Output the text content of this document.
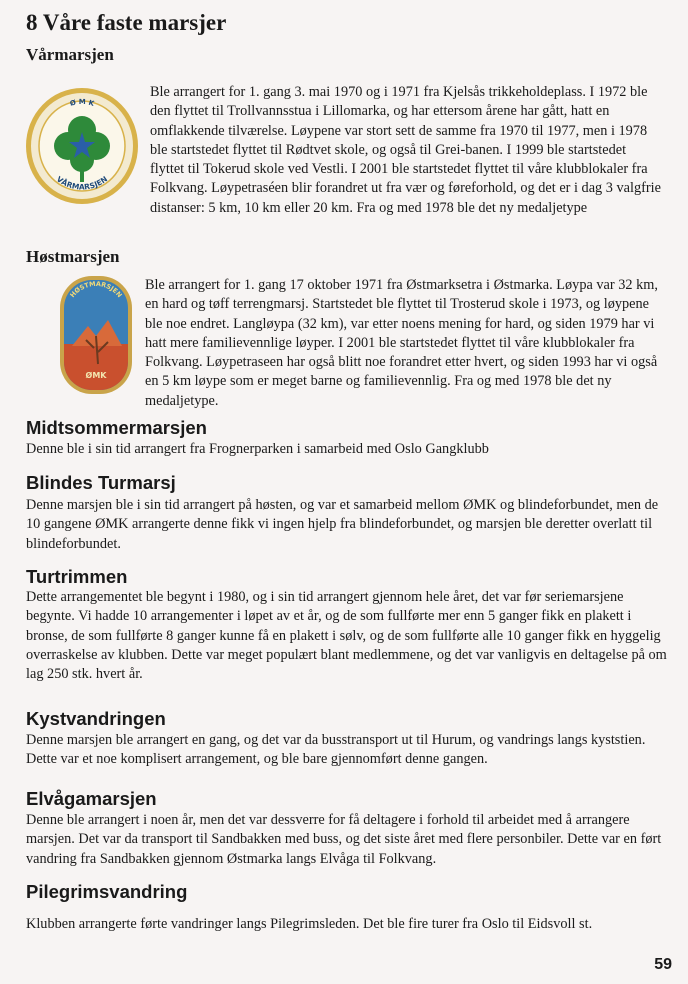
8 Våre faste marsjer
Vårmarsjen
Ø M K
VÅRMARSJEN

Ble arrangert for 1. gang 3. mai 1970 og i 1971 fra Kjelsås trikkeholdeplass. I 1972 ble den flyttet til Trollvannsstua i Lillomarka, og har ettersom årene har gått, hatt en omflakkende tilværelse. Løypene var stort sett de samme fra 1970 til 1977, men i 1978 ble startstedet flyttet til Rødtvet skole, og også til Grei-banen. I 1999 ble startstedet flyttet til Tokerud skole ved Vestli. I 2001 ble startstedet flyttet til våre klubblokaler fra Folkvang. Løypetraséen blir forandret ut fra vær og føreforhold, og det er i dag 3 valgfrie distanser: 5 km, 10 km eller 20 km. Fra og med 1978 ble det ny medaljetype

Høstmarsjen
HØSTMARSJEN
ØMK

Ble arrangert for 1. gang 17 oktober 1971 fra Østmarksetra i Østmarka. Løypa var 32 km, en hard og tøff terrengmarsj. Startstedet ble flyttet til Trosterud skole i 1973, og løypene ble noe endret. Langløypa (32 km), var etter noens mening for hard, og siden 1979 har vi hatt mere familievennlige løyper. I 2001 ble startstedet flyttet til våre klubblokaler fra Folkvang. Løypetraseen har også blitt noe forandret etter hvert, og siden 1993 har vi også en 5 km løype som er meget barne og familievennlig. Fra og med 1978 ble det ny medaljetype.

Midtsommermarsjen

Denne ble i sin tid arrangert fra Frognerparken i samarbeid med Oslo Gangklubb

Blindes Turmarsj

Denne marsjen ble i sin tid arrangert på høsten, og var et samarbeid mellom ØMK og blindeforbundet, men de 10 gangene ØMK arrangerte denne fikk vi ingen hjelp fra blindeforbundet, og marsjen ble deretter overlatt til blindeforbundet.

Turtrimmen

Dette arrangementet ble begynt i 1980, og i sin tid arrangert gjennom hele året, det var før seriemarsjene begynte. Vi hadde 10 arrangementer i løpet av et år, og de som fullførte mer enn 5 ganger fikk en plakett i bronse, de som fullførte 8 ganger kunne få en plakett i sølv, og de som fullførte alle 10 ganger fikk en hyggelig overraskelse av klubben. Dette var meget populært blant medlemmene, og det var vanligvis en deltagelse på om lag 250 stk. hvert år.

Kystvandringen

Denne marsjen ble arrangert en gang, og det var da busstransport ut til Hurum, og vandrings langs kyststien. Dette var et noe komplisert arrangement, og ble bare gjennomført denne gangen.

Elvågamarsjen

Denne ble arrangert i noen år, men det var dessverre for få deltagere i forhold til arbeidet med å arrangere marsjen. Det var da transport til Sandbakken med buss, og det siste året med flere personbiler. Dette var en ført vandring fra Sandbakken gjennom Østmarka langs Elvåga til Folkvang.

Pilegrimsvandring

Klubben arrangerte førte vandringer langs Pilegrimsleden. Det ble fire turer fra Oslo til Eidsvoll st.

59
